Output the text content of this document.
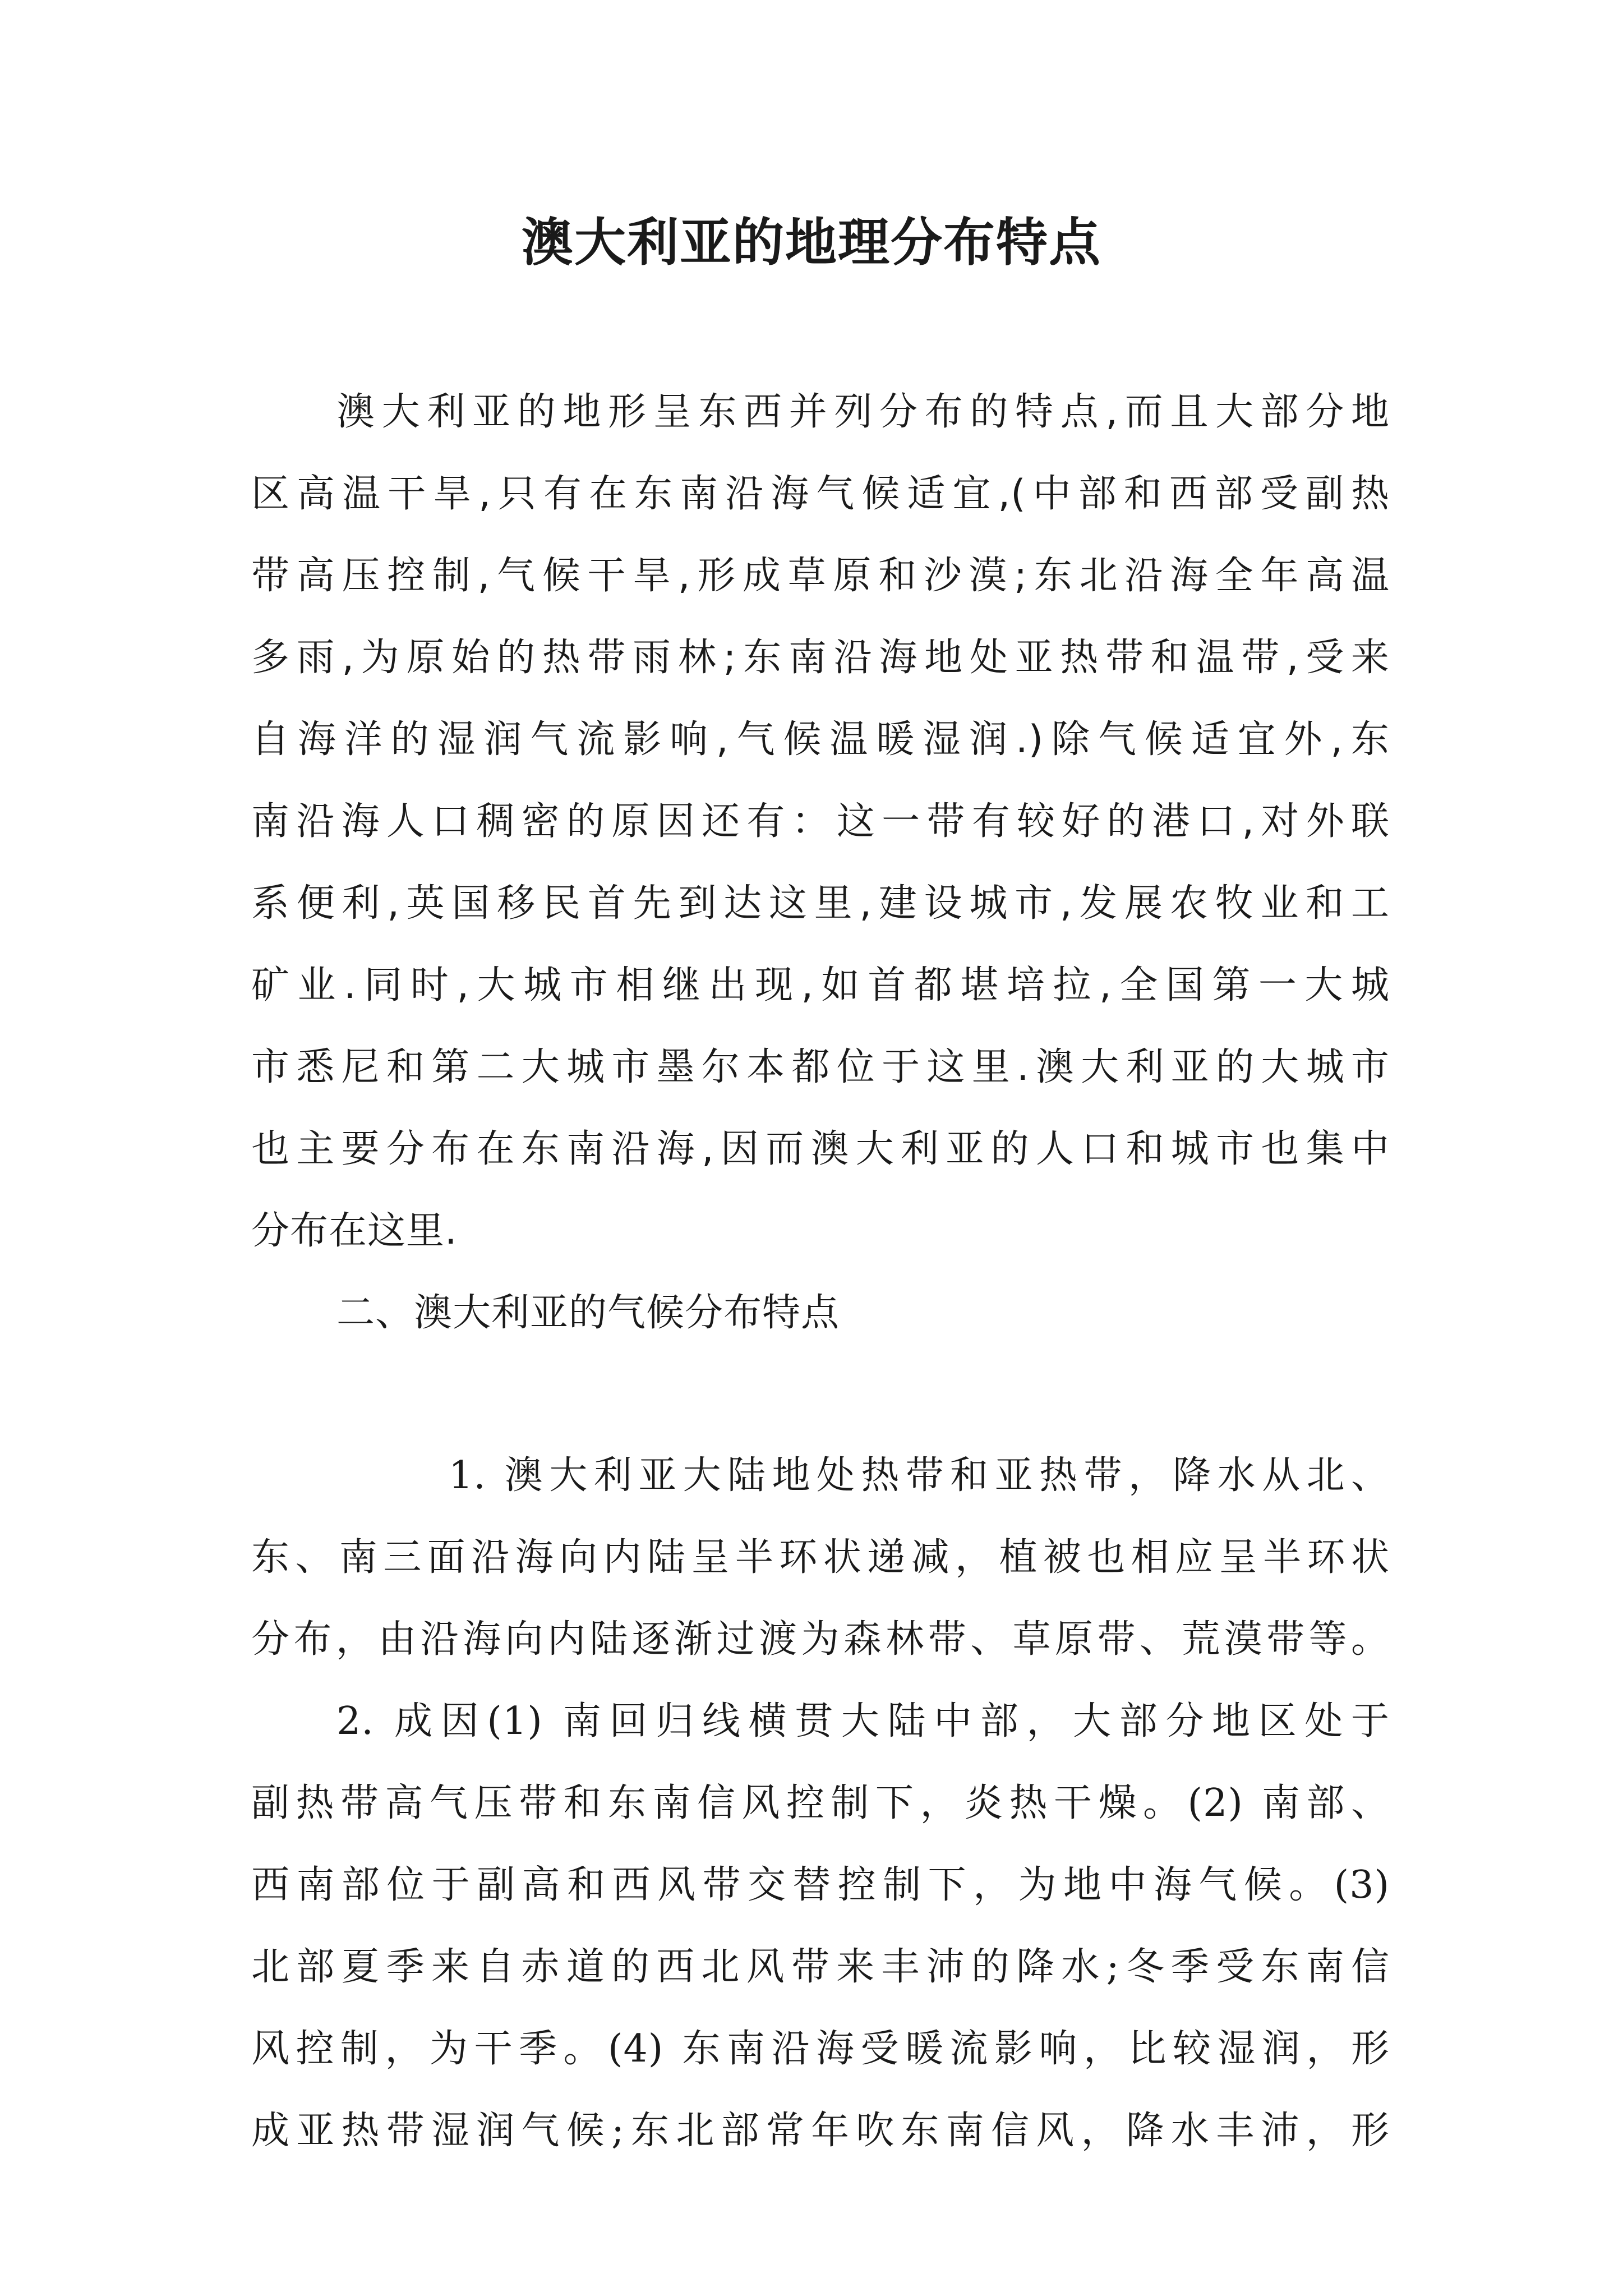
澳大利亚的地理分布特点

澳大利亚的地形呈东西并列分布的特点,而且大部分地

区高温干旱,只有在东南沿海气候适宜,(中部和西部受副热

带高压控制,气候干旱,形成草原和沙漠;东北沿海全年高温

多雨,为原始的热带雨林;东南沿海地处亚热带和温带,受来

自海洋的湿润气流影响,气候温暖湿润.)除气候适宜外,东

南沿海人口稠密的原因还有：这一带有较好的港口,对外联

系便利,英国移民首先到达这里,建设城市,发展农牧业和工

矿业.同时,大城市相继出现,如首都堪培拉,全国第一大城

市悉尼和第二大城市墨尔本都位于这里.澳大利亚的大城市

也主要分布在东南沿海,因而澳大利亚的人口和城市也集中

分布在这里.

二、澳大利亚的气候分布特点

1. 澳大利亚大陆地处热带和亚热带，降水从北、

东、南三面沿海向内陆呈半环状递减，植被也相应呈半环状

分布，由沿海向内陆逐渐过渡为森林带、草原带、荒漠带等。

2. 成因(1) 南回归线横贯大陆中部，大部分地区处于

副热带高气压带和东南信风控制下，炎热干燥。(2) 南部、

西南部位于副高和西风带交替控制下，为地中海气候。(3)

北部夏季来自赤道的西北风带来丰沛的降水;冬季受东南信

风控制，为干季。(4) 东南沿海受暖流影响，比较湿润，形

成亚热带湿润气候;东北部常年吹东南信风，降水丰沛，形
